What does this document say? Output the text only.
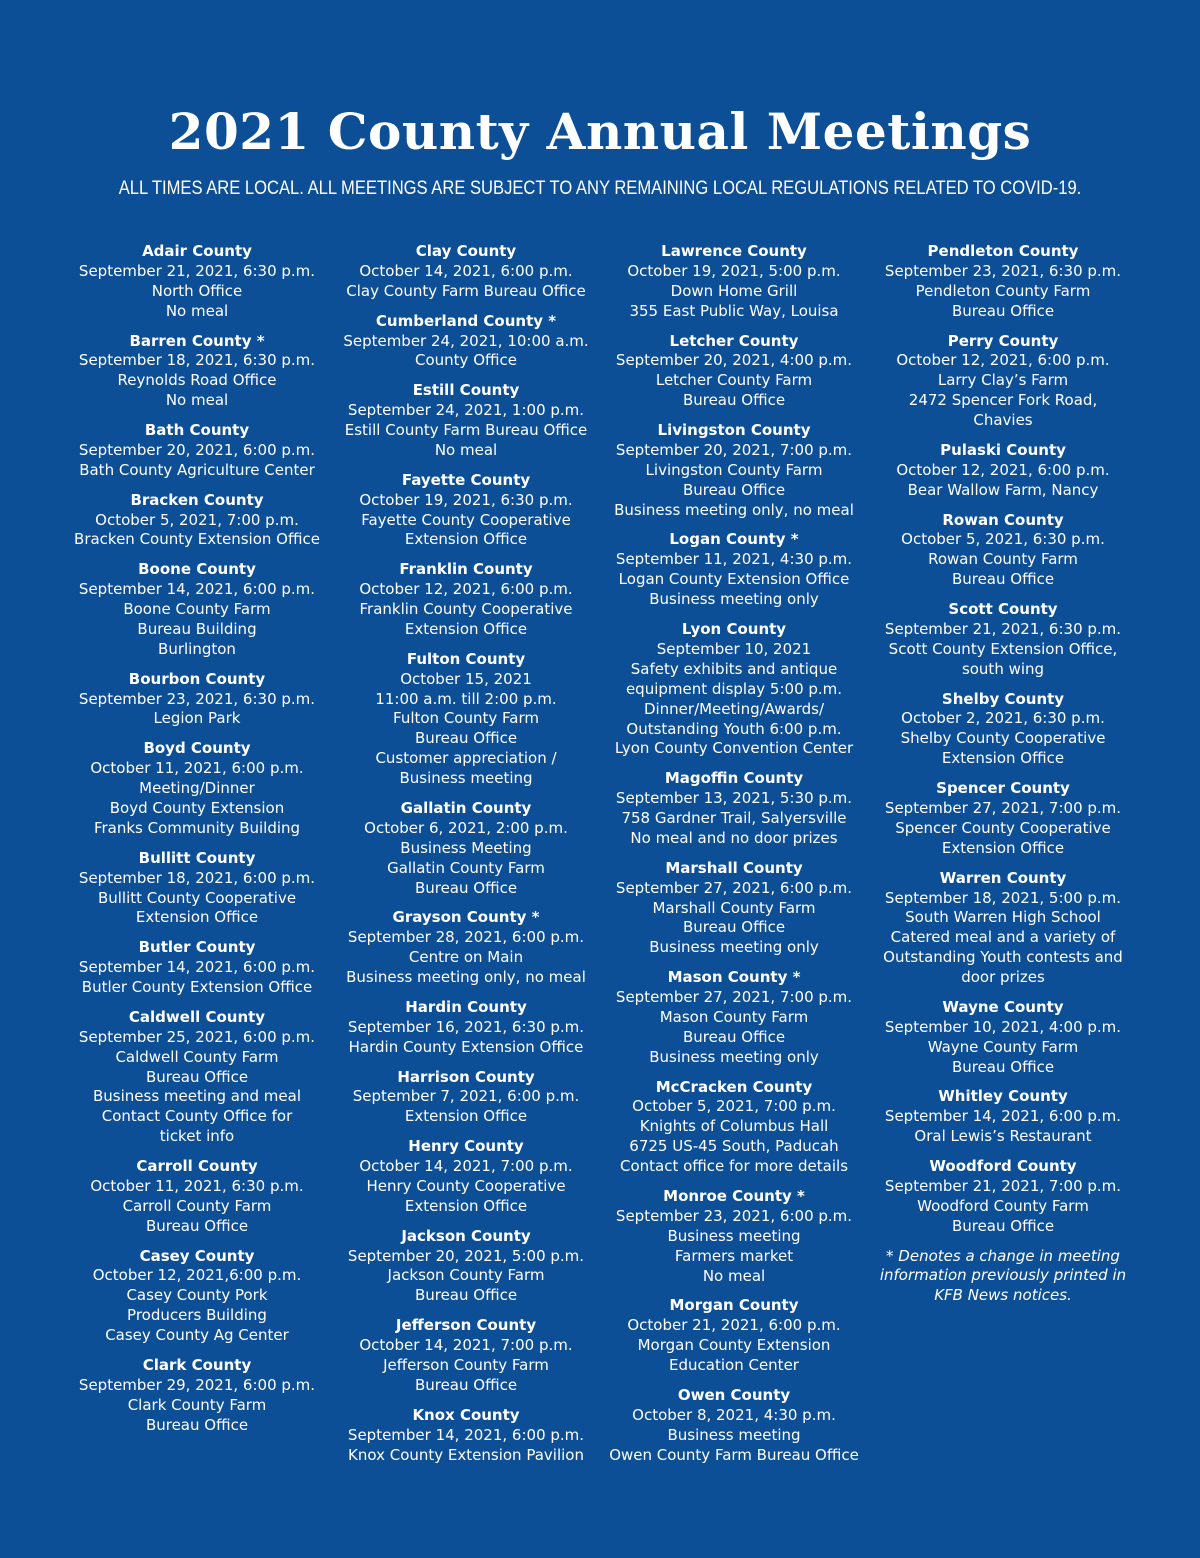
2021 County Annual Meetings

ALL TIMES ARE LOCAL. ALL MEETINGS ARE SUBJECT TO ANY REMAINING LOCAL REGULATIONS RELATED TO COVID-19.

Adair County
September 21, 2021, 6:30 p.m.
North Office
No meal
Barren County *
September 18, 2021, 6:30 p.m.
Reynolds Road Office
No meal
Bath County
September 20, 2021, 6:00 p.m.
Bath County Agriculture Center
Bracken County
October 5, 2021, 7:00 p.m.
Bracken County Extension Office
Boone County
September 14, 2021, 6:00 p.m.
Boone County Farm
Bureau Building
Burlington
Bourbon County
September 23, 2021, 6:30 p.m.
Legion Park
Boyd County
October 11, 2021, 6:00 p.m.
Meeting/Dinner
Boyd County Extension
Franks Community Building
Bullitt County
September 18, 2021, 6:00 p.m.
Bullitt County Cooperative
Extension Office
Butler County
September 14, 2021, 6:00 p.m.
Butler County Extension Office
Caldwell County
September 25, 2021, 6:00 p.m.
Caldwell County Farm
Bureau Office
Business meeting and meal
Contact County Office for
ticket info
Carroll County
October 11, 2021, 6:30 p.m.
Carroll County Farm
Bureau Office
Casey County
October 12, 2021,6:00 p.m.
Casey County Pork
Producers Building
Casey County Ag Center
Clark County
September 29, 2021, 6:00 p.m.
Clark County Farm
Bureau Office
Clay County
October 14, 2021, 6:00 p.m.
Clay County Farm Bureau Office
Cumberland County *
September 24, 2021, 10:00 a.m.
County Office
Estill County
September 24, 2021, 1:00 p.m.
Estill County Farm Bureau Office
No meal
Fayette County
October 19, 2021, 6:30 p.m.
Fayette County Cooperative
Extension Office
Franklin County
October 12, 2021, 6:00 p.m.
Franklin County Cooperative
Extension Office
Fulton County
October 15, 2021
11:00 a.m. till 2:00 p.m.
Fulton County Farm
Bureau Office
Customer appreciation /
Business meeting
Gallatin County
October 6, 2021, 2:00 p.m.
Business Meeting
Gallatin County Farm
Bureau Office
Grayson County *
September 28, 2021, 6:00 p.m.
Centre on Main
Business meeting only, no meal
Hardin County
September 16, 2021, 6:30 p.m.
Hardin County Extension Office
Harrison County
September 7, 2021, 6:00 p.m.
Extension Office
Henry County
October 14, 2021, 7:00 p.m.
Henry County Cooperative
Extension Office
Jackson County
September 20, 2021, 5:00 p.m.
Jackson County Farm
Bureau Office
Jefferson County
October 14, 2021, 7:00 p.m.
Jefferson County Farm
Bureau Office
Knox County
September 14, 2021, 6:00 p.m.
Knox County Extension Pavilion
Lawrence County
October 19, 2021, 5:00 p.m.
Down Home Grill
355 East Public Way, Louisa
Letcher County
September 20, 2021, 4:00 p.m.
Letcher County Farm
Bureau Office
Livingston County
September 20, 2021, 7:00 p.m.
Livingston County Farm
Bureau Office
Business meeting only, no meal
Logan County *
September 11, 2021, 4:30 p.m.
Logan County Extension Office
Business meeting only
Lyon County
September 10, 2021
Safety exhibits and antique
equipment display 5:00 p.m.
Dinner/Meeting/Awards/
Outstanding Youth 6:00 p.m.
Lyon County Convention Center
Magoffin County
September 13, 2021, 5:30 p.m.
758 Gardner Trail, Salyersville
No meal and no door prizes
Marshall County
September 27, 2021, 6:00 p.m.
Marshall County Farm
Bureau Office
Business meeting only
Mason County *
September 27, 2021, 7:00 p.m.
Mason County Farm
Bureau Office
Business meeting only
McCracken County
October 5, 2021, 7:00 p.m.
Knights of Columbus Hall
6725 US-45 South, Paducah
Contact office for more details
Monroe County *
September 23, 2021, 6:00 p.m.
Business meeting
Farmers market
No meal
Morgan County
October 21, 2021, 6:00 p.m.
Morgan County Extension
Education Center
Owen County
October 8, 2021, 4:30 p.m.
Business meeting
Owen County Farm Bureau Office
Pendleton County
September 23, 2021, 6:30 p.m.
Pendleton County Farm
Bureau Office
Perry County
October 12, 2021, 6:00 p.m.
Larry Clay’s Farm
2472 Spencer Fork Road,
Chavies
Pulaski County
October 12, 2021, 6:00 p.m.
Bear Wallow Farm, Nancy
Rowan County
October 5, 2021, 6:30 p.m.
Rowan County Farm
Bureau Office
Scott County
September 21, 2021, 6:30 p.m.
Scott County Extension Office,
south wing
Shelby County
October 2, 2021, 6:30 p.m.
Shelby County Cooperative
Extension Office
Spencer County
September 27, 2021, 7:00 p.m.
Spencer County Cooperative
Extension Office
Warren County
September 18, 2021, 5:00 p.m.
South Warren High School
Catered meal and a variety of
Outstanding Youth contests and
door prizes
Wayne County
September 10, 2021, 4:00 p.m.
Wayne County Farm
Bureau Office
Whitley County
September 14, 2021, 6:00 p.m.
Oral Lewis’s Restaurant
Woodford County
September 21, 2021, 7:00 p.m.
Woodford County Farm
Bureau Office
* Denotes a change in meeting
information previously printed in
KFB News notices.
